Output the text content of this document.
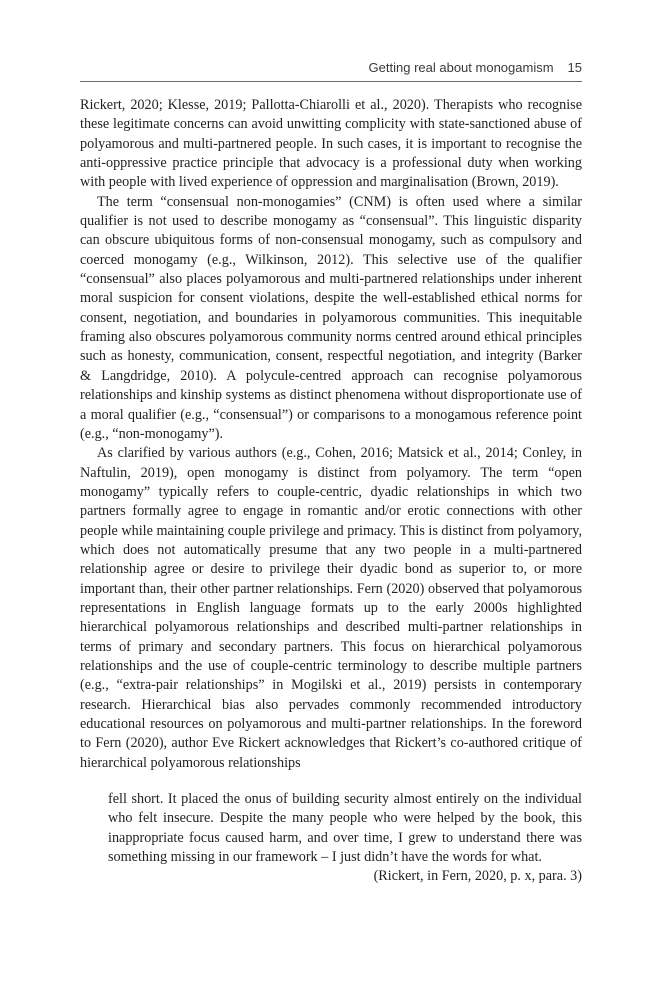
Getting real about monogamism 15

Rickert, 2020; Klesse, 2019; Pallotta-Chiarolli et al., 2020). Therapists who recognise these legitimate concerns can avoid unwitting complicity with state-sanctioned abuse of polyamorous and multi-partnered people. In such cases, it is important to recognise the anti-oppressive practice principle that advocacy is a professional duty when working with people with lived experience of oppression and marginalisation (Brown, 2019).

The term “consensual non-monogamies” (CNM) is often used where a similar qualifier is not used to describe monogamy as “consensual”. This linguistic disparity can obscure ubiquitous forms of non-consensual monogamy, such as compulsory and coerced monogamy (e.g., Wilkinson, 2012). This selective use of the qualifier “consensual” also places polyamorous and multi-partnered relationships under inherent moral suspicion for consent violations, despite the well-established ethical norms for consent, negotiation, and boundaries in polyamorous communities. This inequitable framing also obscures polyamorous community norms centred around ethical principles such as honesty, communication, consent, respectful negotiation, and integrity (Barker & Langdridge, 2010). A polycule-centred approach can recognise polyamorous relationships and kinship systems as distinct phenomena without disproportionate use of a moral qualifier (e.g., “consensual”) or comparisons to a monogamous reference point (e.g., “non-monogamy”).

As clarified by various authors (e.g., Cohen, 2016; Matsick et al., 2014; Conley, in Naftulin, 2019), open monogamy is distinct from polyamory. The term “open monogamy” typically refers to couple-centric, dyadic relationships in which two partners formally agree to engage in romantic and/or erotic connections with other people while maintaining couple privilege and primacy. This is distinct from polyamory, which does not automatically presume that any two people in a multi-partnered relationship agree or desire to privilege their dyadic bond as superior to, or more important than, their other partner relationships. Fern (2020) observed that polyamorous representations in English language formats up to the early 2000s highlighted hierarchical polyamorous relationships and described multi-partner relationships in terms of primary and secondary partners. This focus on hierarchical polyamorous relationships and the use of couple-centric terminology to describe multiple partners (e.g., “extra-pair relationships” in Mogilski et al., 2019) persists in contemporary research. Hierarchical bias also pervades commonly recommended introductory educational resources on polyamorous and multi-partner relationships. In the foreword to Fern (2020), author Eve Rickert acknowledges that Rickert’s co-authored critique of hierarchical polyamorous relationships

fell short. It placed the onus of building security almost entirely on the individual who felt insecure. Despite the many people who were helped by the book, this inappropriate focus caused harm, and over time, I grew to understand there was something missing in our framework – I just didn’t have the words for what.

(Rickert, in Fern, 2020, p. x, para. 3)
